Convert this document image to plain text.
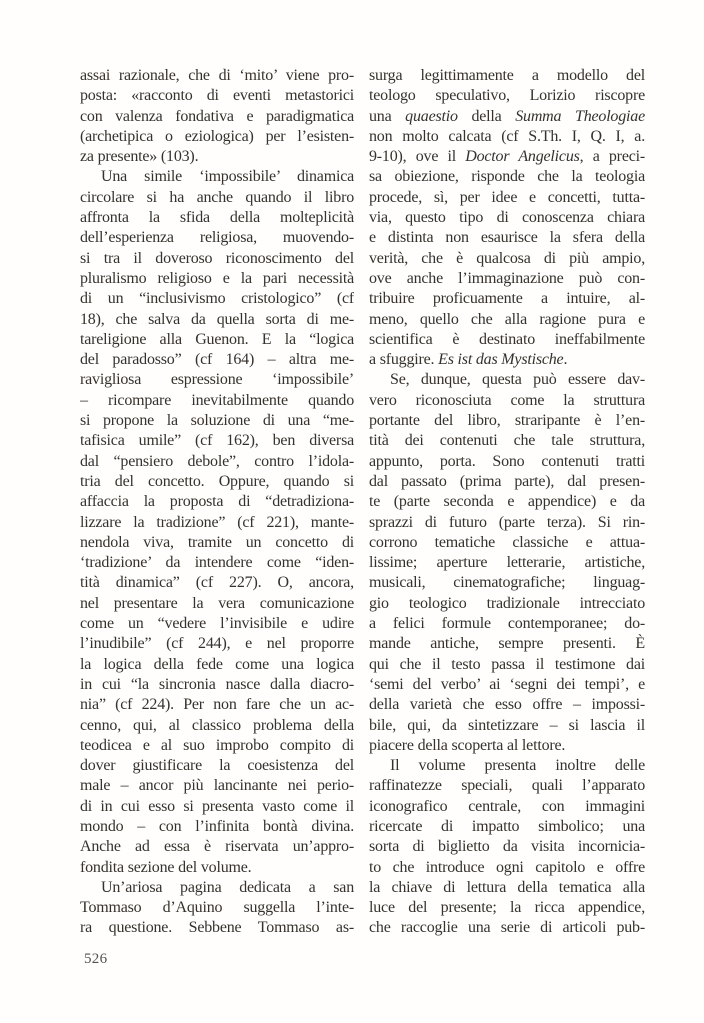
assai razionale, che di ‘mito’ viene pro-
posta: «racconto di eventi metastorici
con valenza fondativa e paradigmatica
(archetipica o eziologica) per l’esisten-
za presente» (103).
Una simile ‘impossibile’ dinamica
circolare si ha anche quando il libro
affronta la sfida della molteplicità
dell’esperienza religiosa, muovendo-
si tra il doveroso riconoscimento del
pluralismo religioso e la pari necessità
di un “inclusivismo cristologico” (cf
18), che salva da quella sorta di me-
tareligione alla Guenon. E la “logica
del paradosso” (cf 164) – altra me-
ravigliosa espressione ‘impossibile’
– ricompare inevitabilmente quando
si propone la soluzione di una “me-
tafisica umile” (cf 162), ben diversa
dal “pensiero debole”, contro l’idola-
tria del concetto. Oppure, quando si
affaccia la proposta di “detradiziona-
lizzare la tradizione” (cf 221), mante-
nendola viva, tramite un concetto di
‘tradizione’ da intendere come “iden-
tità dinamica” (cf 227). O, ancora,
nel presentare la vera comunicazione
come un “vedere l’invisibile e udire
l’inudibile” (cf 244), e nel proporre
la logica della fede come una logica
in cui “la sincronia nasce dalla diacro-
nia” (cf 224). Per non fare che un ac-
cenno, qui, al classico problema della
teodicea e al suo improbo compito di
dover giustificare la coesistenza del
male – ancor più lancinante nei perio-
di in cui esso si presenta vasto come il
mondo – con l’infinita bontà divina.
Anche ad essa è riservata un’appro-
fondita sezione del volume.
Un’ariosa pagina dedicata a san
Tommaso d’Aquino suggella l’inte-
ra questione. Sebbene Tommaso as-
surga legittimamente a modello del
teologo speculativo, Lorizio riscopre
una quaestio della Summa Theologiae
non molto calcata (cf S.Th. I, Q. I, a.
9-10), ove il Doctor Angelicus, a preci-
sa obiezione, risponde che la teologia
procede, sì, per idee e concetti, tutta-
via, questo tipo di conoscenza chiara
e distinta non esaurisce la sfera della
verità, che è qualcosa di più ampio,
ove anche l’immaginazione può con-
tribuire proficuamente a intuire, al-
meno, quello che alla ragione pura e
scientifica è destinato ineffabilmente
a sfuggire. Es ist das Mystische.
Se, dunque, questa può essere dav-
vero riconosciuta come la struttura
portante del libro, straripante è l’en-
tità dei contenuti che tale struttura,
appunto, porta. Sono contenuti tratti
dal passato (prima parte), dal presen-
te (parte seconda e appendice) e da
sprazzi di futuro (parte terza). Si rin-
corrono tematiche classiche e attua-
lissime; aperture letterarie, artistiche,
musicali, cinematografiche; linguag-
gio teologico tradizionale intrecciato
a felici formule contemporanee; do-
mande antiche, sempre presenti. È
qui che il testo passa il testimone dai
‘semi del verbo’ ai ‘segni dei tempi’, e
della varietà che esso offre – impossi-
bile, qui, da sintetizzare – si lascia il
piacere della scoperta al lettore.
Il volume presenta inoltre delle
raffinatezze speciali, quali l’apparato
iconografico centrale, con immagini
ricercate di impatto simbolico; una
sorta di biglietto da visita incornicia-
to che introduce ogni capitolo e offre
la chiave di lettura della tematica alla
luce del presente; la ricca appendice,
che raccoglie una serie di articoli pub-
526
